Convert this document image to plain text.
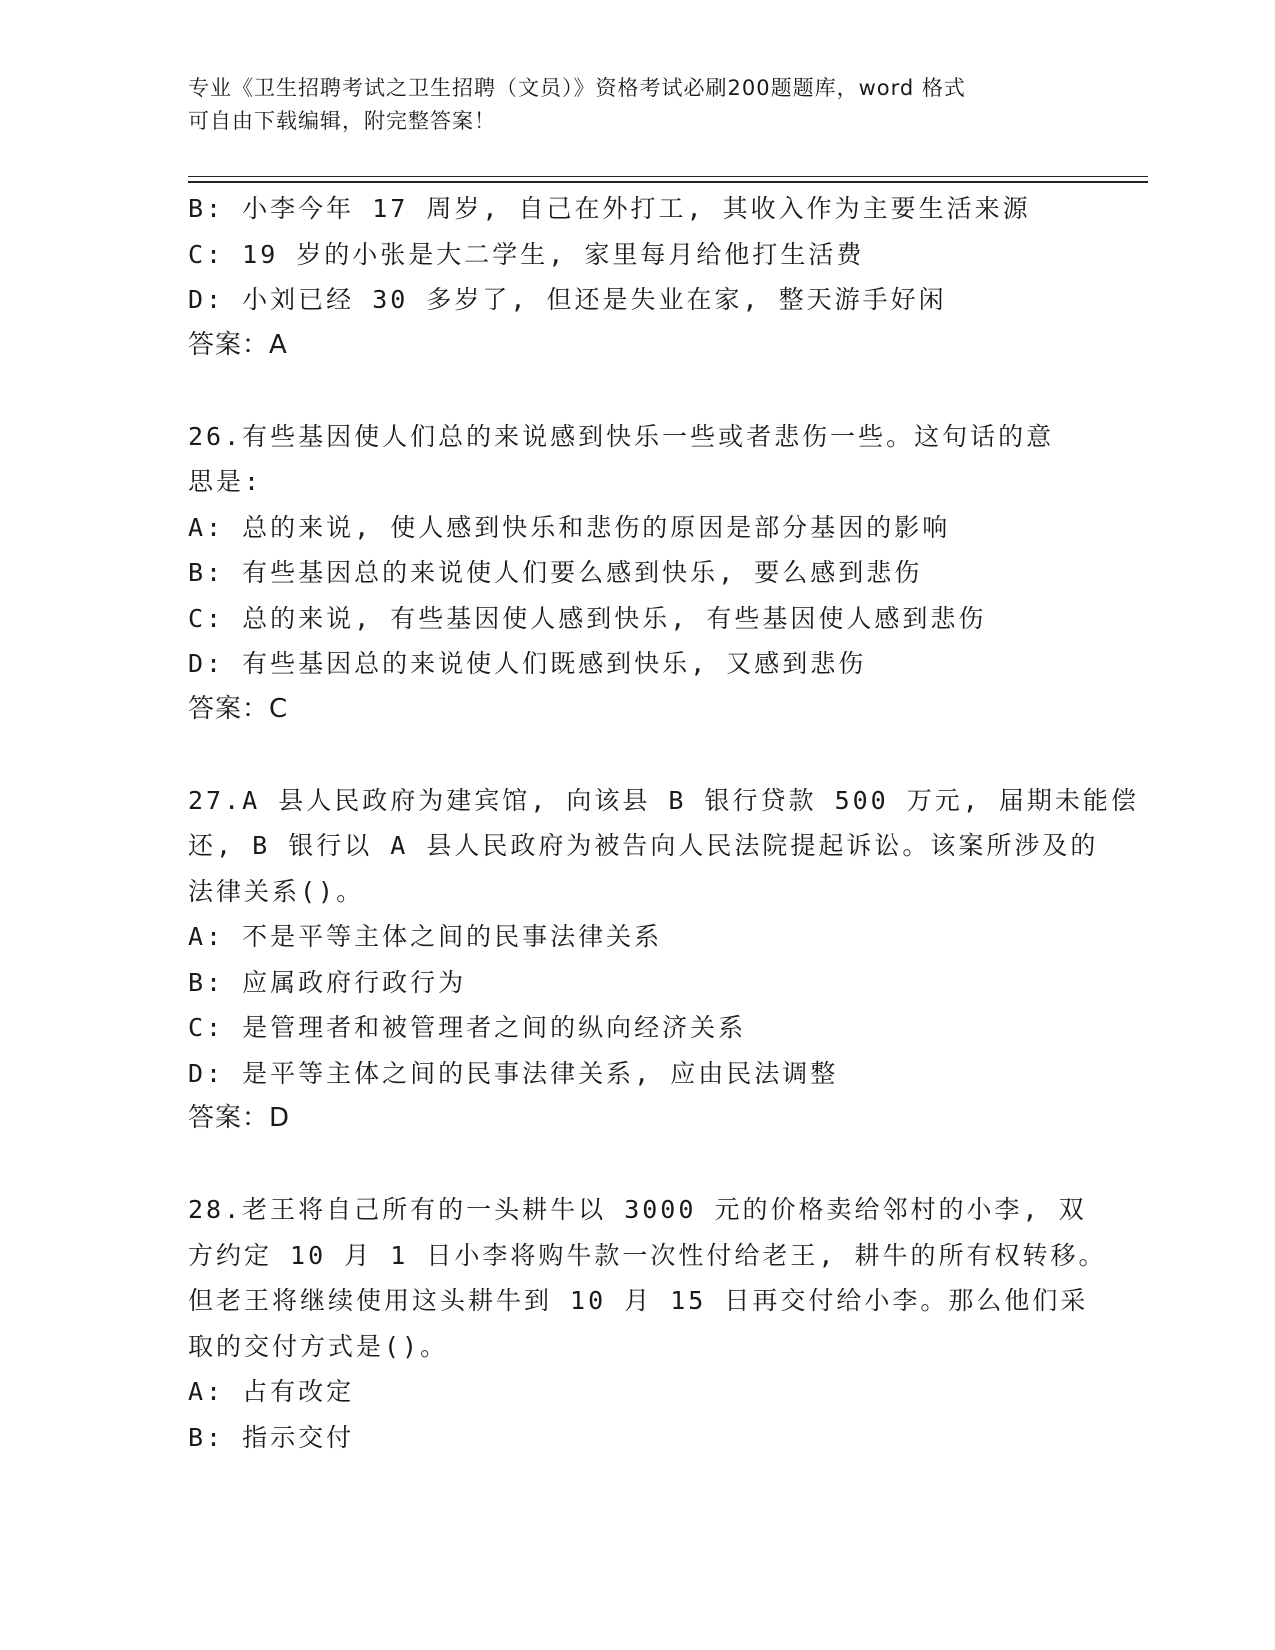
专业《卫生招聘考试之卫生招聘（文员）》资格考试必刷200题题库，word 格式
可自由下载编辑，附完整答案！
B: 小李今年 17 周岁, 自己在外打工, 其收入作为主要生活来源
C: 19 岁的小张是大二学生, 家里每月给他打生活费
D: 小刘已经 30 多岁了, 但还是失业在家, 整天游手好闲
答案：A
26.有些基因使人们总的来说感到快乐一些或者悲伤一些。这句话的意
思是:
A: 总的来说, 使人感到快乐和悲伤的原因是部分基因的影响
B: 有些基因总的来说使人们要么感到快乐, 要么感到悲伤
C: 总的来说, 有些基因使人感到快乐, 有些基因使人感到悲伤
D: 有些基因总的来说使人们既感到快乐, 又感到悲伤
答案：C
27.A 县人民政府为建宾馆, 向该县 B 银行贷款 500 万元, 届期未能偿
还, B 银行以 A 县人民政府为被告向人民法院提起诉讼。该案所涉及的
法律关系()。
A: 不是平等主体之间的民事法律关系
B: 应属政府行政行为
C: 是管理者和被管理者之间的纵向经济关系
D: 是平等主体之间的民事法律关系, 应由民法调整
答案：D
28.老王将自己所有的一头耕牛以 3000 元的价格卖给邻村的小李, 双
方约定 10 月 1 日小李将购牛款一次性付给老王, 耕牛的所有权转移。
但老王将继续使用这头耕牛到 10 月 15 日再交付给小李。那么他们采
取的交付方式是()。
A: 占有改定
B: 指示交付
